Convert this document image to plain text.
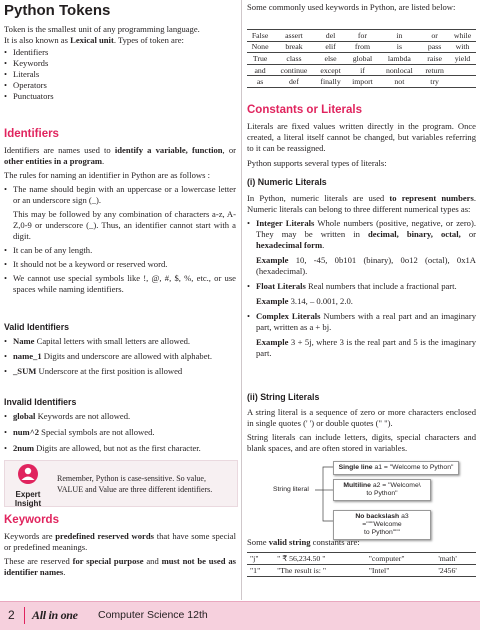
Python Tokens

Token is the smallest unit of any programming language.

It is also known as Lexical unit. Types of token are:

• Identifiers

• Keywords

• Literals

• Operators

• Punctuators

Identifiers

Identifiers are names used to identify a variable, function, or other entities in a program.

The rules for naming an identifier in Python are as follows :

• The name should begin with an uppercase or a lowercase letter or an underscore sign (_).

This may be followed by any combination of characters a-z, A-Z,0-9 or underscore (_). Thus, an identifier cannot start with a digit.

• It can be of any length.

• It should not be a keyword or reserved word.

• We cannot use special symbols like !, @, #, $, %, etc., or use spaces while naming identifiers.

Valid Identifiers

• Name Capital letters with small letters are allowed.

• name_1 Digits and underscore are allowed with alphabet.

• _SUM Underscore at the first position is allowed

Invalid Identifiers

• global Keywords are not allowed.

• num^2 Special symbols are not allowed.

• 2num Digits are allowed, but not as the first character.

Expert
Insight

Remember, Python is case-sensitive. So value, VALUE and Value are three different identifiers.

Keywords

Keywords are predefined reserved words that have some special or predefined meanings.

These are reserved for special purpose and must not be used as identifier names.

Some commonly used keywords in Python, are listed below:

False	assert	del	for	in	or	while
None	break	elif	from	is	pass	with
True	class	else	global	lambda	raise	yield
and	continue	except	if	nonlocal	return	
as	def	finally	import	not	try	
Constants or Literals

Literals are fixed values written directly in the program. Once created, a literal itself cannot be changed, but variables referring to it can be reassigned.

Python supports several types of literals:

(i) Numeric Literals

In Python, numeric literals are used to represent numbers. Numeric literals can belong to three different numerical types as:

• Integer Literals Whole numbers (positive, negative, or zero). They may be written in decimal, binary, octal, or hexadecimal form.

Example 10, -45, 0b101 (binary), 0o12 (octal), 0x1A (hexadecimal).

• Float Literals Real numbers that include a fractional part.

Example 3.14, – 0.001, 2.0.

• Complex Literals Numbers with a real part and an imaginary part, written as a + bj.

Example 3 + 5j, where 3 is the real part and 5 is the imaginary part.

(ii) String Literals

A string literal is a sequence of zero or more characters enclosed in single quotes (' ') or double quotes (" ").

String literals can include letters, digits, special characters and blank spaces, and are often stored in variables.

String literal
Single line a1 = "Welcome to Python"
Multiline a2 = "Welcome\
to Python"
No backslash a3 ="""Welcome
to Python"""

Some valid string constants are:

"j"	" ₹ 56,234.50 "	"computer"	'math'
"1"	"The result is: "	"Intel"	'2456'
2 All in one Computer Science 12th
